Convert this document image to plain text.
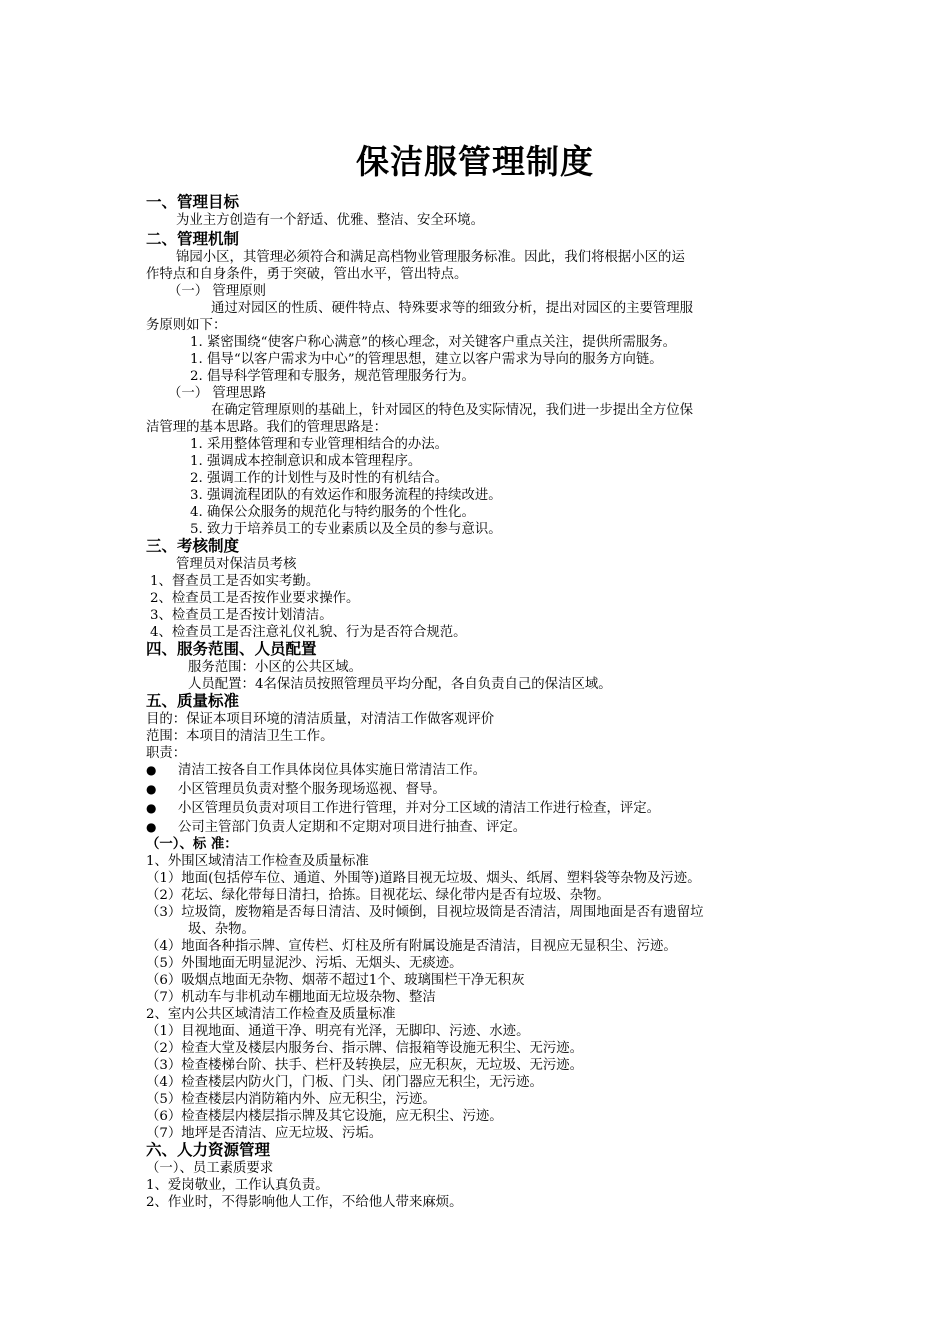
保洁服管理制度
一、管理目标
为业主方创造有一个舒适、优雅、整洁、安全环境。
二、管理机制
锦园小区，其管理必须符合和满足高档物业管理服务标准。因此，我们将根据小区的运
作特点和自身条件，勇于突破，管出水平，管出特点。
（一） 管理原则
通过对园区的性质、硬件特点、特殊要求等的细致分析，提出对园区的主要管理服
务原则如下：
1. 紧密围绕“使客户称心满意”的核心理念，对关键客户重点关注，提供所需服务。
1. 倡导“以客户需求为中心”的管理思想，建立以客户需求为导向的服务方向链。
2. 倡导科学管理和专服务，规范管理服务行为。
（一） 管理思路
在确定管理原则的基础上，针对园区的特色及实际情况，我们进一步提出全方位保
洁管理的基本思路。我们的管理思路是：
1. 采用整体管理和专业管理相结合的办法。
1. 强调成本控制意识和成本管理程序。
2. 强调工作的计划性与及时性的有机结合。
3. 强调流程团队的有效运作和服务流程的持续改进。
4. 确保公众服务的规范化与特约服务的个性化。
5. 致力于培养员工的专业素质以及全员的参与意识。
三、考核制度
管理员对保洁员考核
1、督查员工是否如实考勤。
2、检查员工是否按作业要求操作。
3、检查员工是否按计划清洁。
4、检查员工是否注意礼仪礼貌、行为是否符合规范。
四、服务范围、人员配置
服务范围：小区的公共区域。
人员配置：4名保洁员按照管理员平均分配，各自负责自己的保洁区域。
五、质量标准
目的：保证本项目环境的清洁质量，对清洁工作做客观评价
范围：本项目的清洁卫生工作。
职责：
● 清洁工按各自工作具体岗位具体实施日常清洁工作。
● 小区管理员负责对整个服务现场巡视、督导。
● 小区管理员负责对项目工作进行管理，并对分工区域的清洁工作进行检查，评定。
● 公司主管部门负责人定期和不定期对项目进行抽查、评定。
（一）、标 准：
1、外围区域清洁工作检查及质量标准
（1）地面(包括停车位、通道、外围等)道路目视无垃圾、烟头、纸屑、塑料袋等杂物及污迹。
（2）花坛、绿化带每日清扫，拾拣。目视花坛、绿化带内是否有垃圾、杂物。
（3）垃圾筒，废物箱是否每日清洁、及时倾倒，目视垃圾筒是否清洁，周围地面是否有遗留垃
圾、杂物。
（4）地面各种指示牌、宣传栏、灯柱及所有附属设施是否清洁，目视应无显积尘、污迹。
（5）外围地面无明显泥沙、污垢、无烟头、无痰迹。
（6）吸烟点地面无杂物、烟蒂不超过1个、玻璃围栏干净无积灰
（7）机动车与非机动车棚地面无垃圾杂物、整洁
2、室内公共区域清洁工作检查及质量标准
（1）目视地面、通道干净、明亮有光泽，无脚印、污迹、水迹。
（2）检查大堂及楼层内服务台、指示牌、信报箱等设施无积尘、无污迹。
（3）检查楼梯台阶、扶手、栏杆及转换层，应无积灰，无垃圾、无污迹。
（4）检查楼层内防火门，门板、门头、闭门器应无积尘，无污迹。
（5）检查楼层内消防箱内外、应无积尘，污迹。
（6）检查楼层内楼层指示牌及其它设施，应无积尘、污迹。
（7）地坪是否清洁、应无垃圾、污垢。
六、人力资源管理
（一）、员工素质要求
1、爱岗敬业，工作认真负责。
2、作业时，不得影响他人工作，不给他人带来麻烦。
